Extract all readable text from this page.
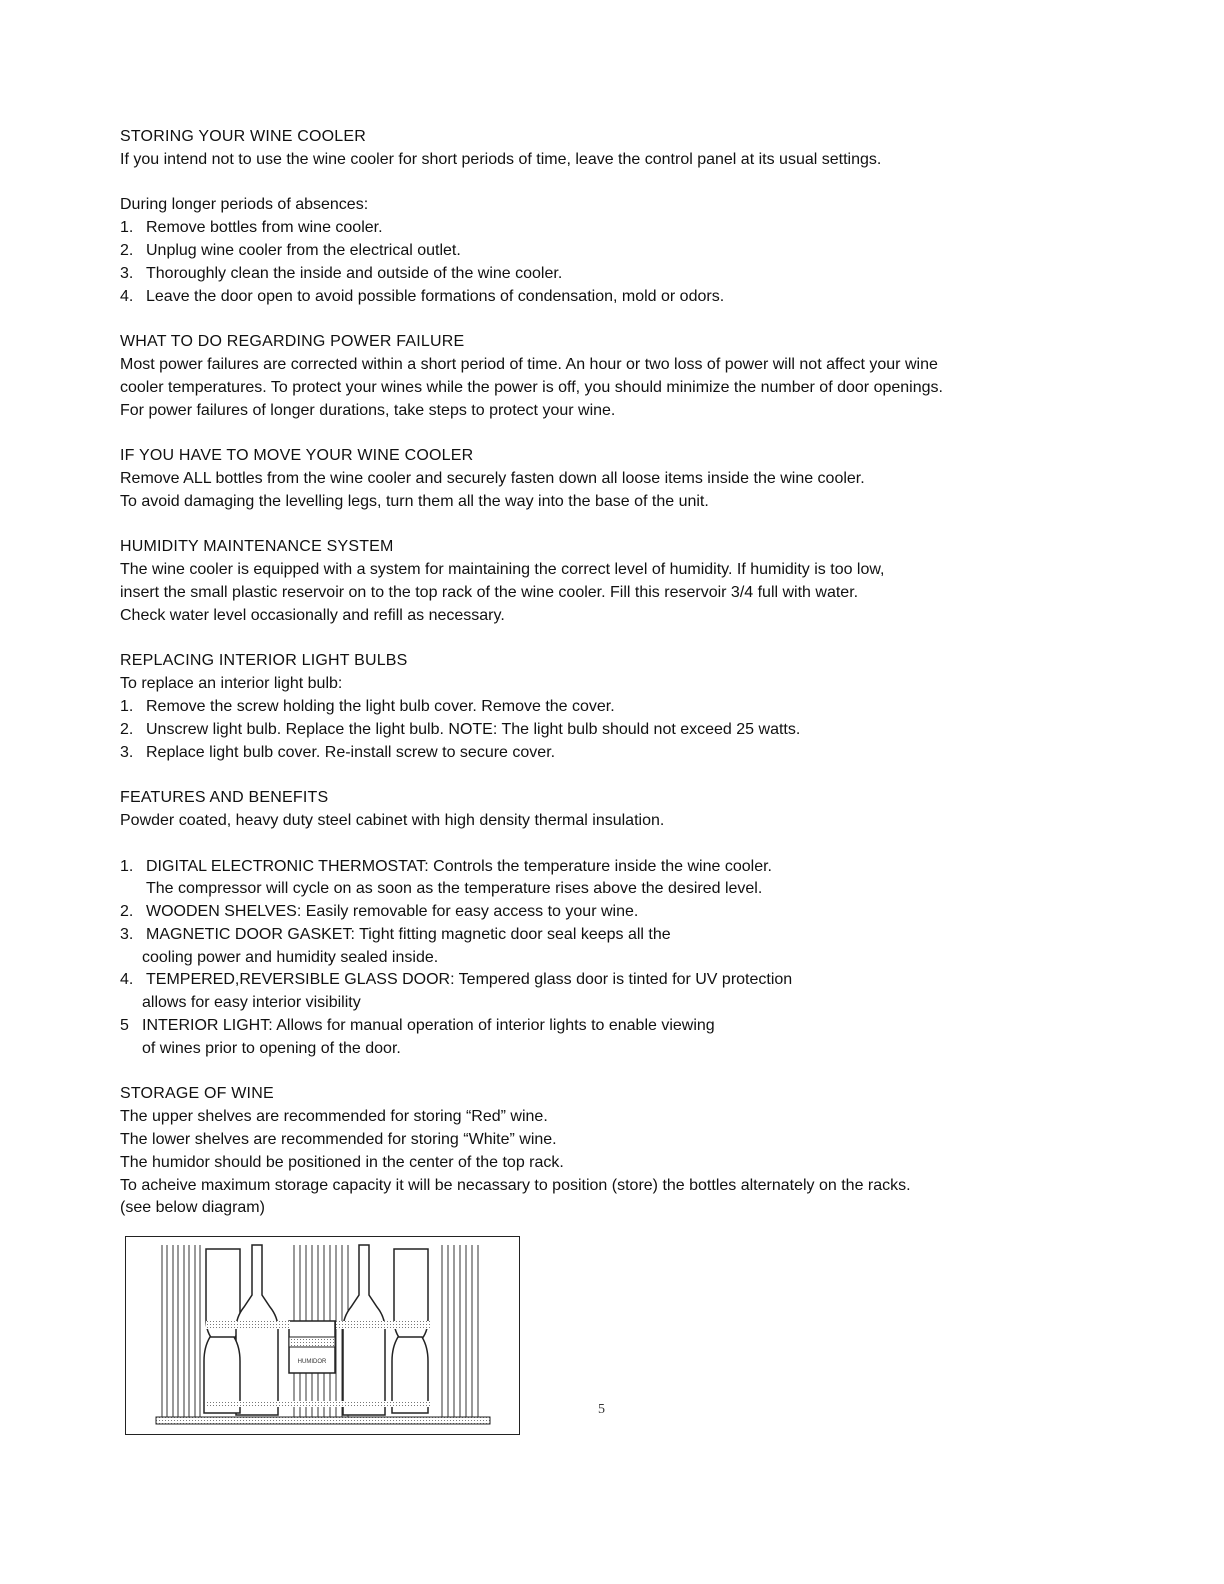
STORING YOUR WINE COOLER
If you intend not to use the wine cooler for short periods of time, leave the control panel at its usual settings.
During longer periods of absences:
1. Remove bottles from wine cooler.
2. Unplug wine cooler from the electrical outlet.
3. Thoroughly clean the inside and outside of the wine cooler.
4. Leave the door open to avoid possible formations of condensation, mold or odors.
WHAT TO DO REGARDING POWER FAILURE
Most power failures are corrected within a short period of time. An hour or two loss of power will not affect your wine
cooler temperatures. To protect your wines while the power is off, you should minimize the number of door openings.
For power failures of longer durations, take steps to protect your wine.
IF YOU HAVE TO MOVE YOUR WINE COOLER
Remove ALL bottles from the wine cooler and securely fasten down all loose items inside the wine cooler.
To avoid damaging the levelling legs, turn them all the way into the base of the unit.
HUMIDITY MAINTENANCE SYSTEM
The wine cooler is equipped with a system for maintaining the correct level of humidity. If humidity is too low,
insert the small plastic reservoir on to the top rack of the wine cooler. Fill this reservoir 3/4 full with water.
Check water level occasionally and refill as necessary.
REPLACING INTERIOR LIGHT BULBS
To replace an interior light bulb:
1. Remove the screw holding the light bulb cover. Remove the cover.
2. Unscrew light bulb. Replace the light bulb. NOTE: The light bulb should not exceed 25 watts.
3. Replace light bulb cover. Re-install screw to secure cover.
FEATURES AND BENEFITS
Powder coated, heavy duty steel cabinet with high density thermal insulation.
1. DIGITAL ELECTRONIC THERMOSTAT: Controls the temperature inside the wine cooler.
The compressor will cycle on as soon as the temperature rises above the desired level.
2. WOODEN SHELVES: Easily removable for easy access to your wine.
3. MAGNETIC DOOR GASKET: Tight fitting magnetic door seal keeps all the
cooling power and humidity sealed inside.
4. TEMPERED,REVERSIBLE GLASS DOOR: Tempered glass door is tinted for UV protection
allows for easy interior visibility
5 INTERIOR LIGHT: Allows for manual operation of interior lights to enable viewing
of wines prior to opening of the door.
STORAGE OF WINE
The upper shelves are recommended for storing “Red” wine.
The lower shelves are recommended for storing “White” wine.
The humidor should be positioned in the center of the top rack.
To acheive maximum storage capacity it will be necassary to position (store) the bottles alternately on the racks.
(see below diagram)
HUMIDOR
5
